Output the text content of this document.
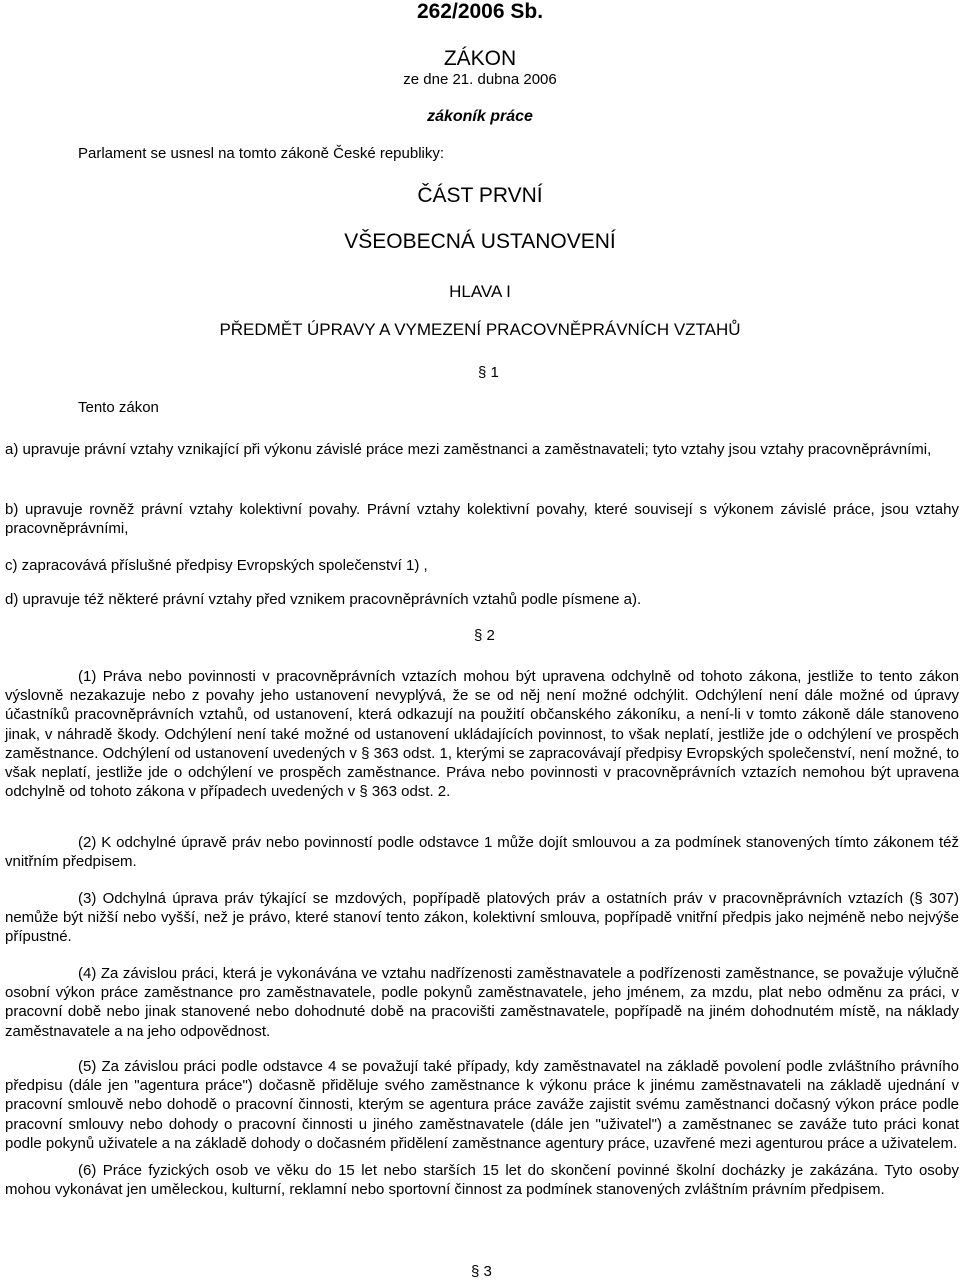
262/2006 Sb.
ZÁKON
ze dne 21. dubna 2006
zákoník práce
Parlament se usnesl na tomto zákoně České republiky:
ČÁST PRVNÍ
VŠEOBECNÁ USTANOVENÍ
HLAVA I
PŘEDMĚT ÚPRAVY A VYMEZENÍ PRACOVNĚPRÁVNÍCH VZTAHŮ
§ 1
Tento zákon

a) upravuje právní vztahy vznikající při výkonu závislé práce mezi zaměstnanci a zaměstnavateli; tyto vztahy jsou vztahy pracovněprávními,

b) upravuje rovněž právní vztahy kolektivní povahy. Právní vztahy kolektivní povahy, které souvisejí s výkonem závislé práce, jsou vztahy pracovněprávními,

c) zapracovává příslušné předpisy Evropských společenství 1) ,

d) upravuje též některé právní vztahy před vznikem pracovněprávních vztahů podle písmene a).

§ 2

(1) Práva nebo povinnosti v pracovněprávních vztazích mohou být upravena odchylně od tohoto zákona, jestliže to tento zákon výslovně nezakazuje nebo z povahy jeho ustanovení nevyplývá, že se od něj není možné odchýlit. Odchýlení není dále možné od úpravy účastníků pracovněprávních vztahů, od ustanovení, která odkazují na použití občanského zákoníku, a není-li v tomto zákoně dále stanoveno jinak, v náhradě škody. Odchýlení není také možné od ustanovení ukládajících povinnost, to však neplatí, jestliže jde o odchýlení ve prospěch zaměstnance. Odchýlení od ustanovení uvedených v § 363 odst. 1, kterými se zapracovávají předpisy Evropských společenství, není možné, to však neplatí, jestliže jde o odchýlení ve prospěch zaměstnance. Práva nebo povinnosti v pracovněprávních vztazích nemohou být upravena odchylně od tohoto zákona v případech uvedených v § 363 odst. 2.

(2) K odchylné úpravě práv nebo povinností podle odstavce 1 může dojít smlouvou a za podmínek stanovených tímto zákonem též vnitřním předpisem.

(3) Odchylná úprava práv týkající se mzdových, popřípadě platových práv a ostatních práv v pracovněprávních vztazích (§ 307) nemůže být nižší nebo vyšší, než je právo, které stanoví tento zákon, kolektivní smlouva, popřípadě vnitřní předpis jako nejméně nebo nejvýše přípustné.

(4) Za závislou práci, která je vykonávána ve vztahu nadřízenosti zaměstnavatele a podřízenosti zaměstnance, se považuje výlučně osobní výkon práce zaměstnance pro zaměstnavatele, podle pokynů zaměstnavatele, jeho jménem, za mzdu, plat nebo odměnu za práci, v pracovní době nebo jinak stanovené nebo dohodnuté době na pracovišti zaměstnavatele, popřípadě na jiném dohodnutém místě, na náklady zaměstnavatele a na jeho odpovědnost.

(5) Za závislou práci podle odstavce 4 se považují také případy, kdy zaměstnavatel na základě povolení podle zvláštního právního předpisu (dále jen "agentura práce") dočasně přiděluje svého zaměstnance k výkonu práce k jinému zaměstnavateli na základě ujednání v pracovní smlouvě nebo dohodě o pracovní činnosti, kterým se agentura práce zaváže zajistit svému zaměstnanci dočasný výkon práce podle pracovní smlouvy nebo dohody o pracovní činnosti u jiného zaměstnavatele (dále jen "uživatel") a zaměstnanec se zaváže tuto práci konat podle pokynů uživatele a na základě dohody o dočasném přidělení zaměstnance agentury práce, uzavřené mezi agenturou práce a uživatelem.

(6) Práce fyzických osob ve věku do 15 let nebo starších 15 let do skončení povinné školní docházky je zakázána. Tyto osoby mohou vykonávat jen uměleckou, kulturní, reklamní nebo sportovní činnost za podmínek stanovených zvláštním právním předpisem.

§ 3
